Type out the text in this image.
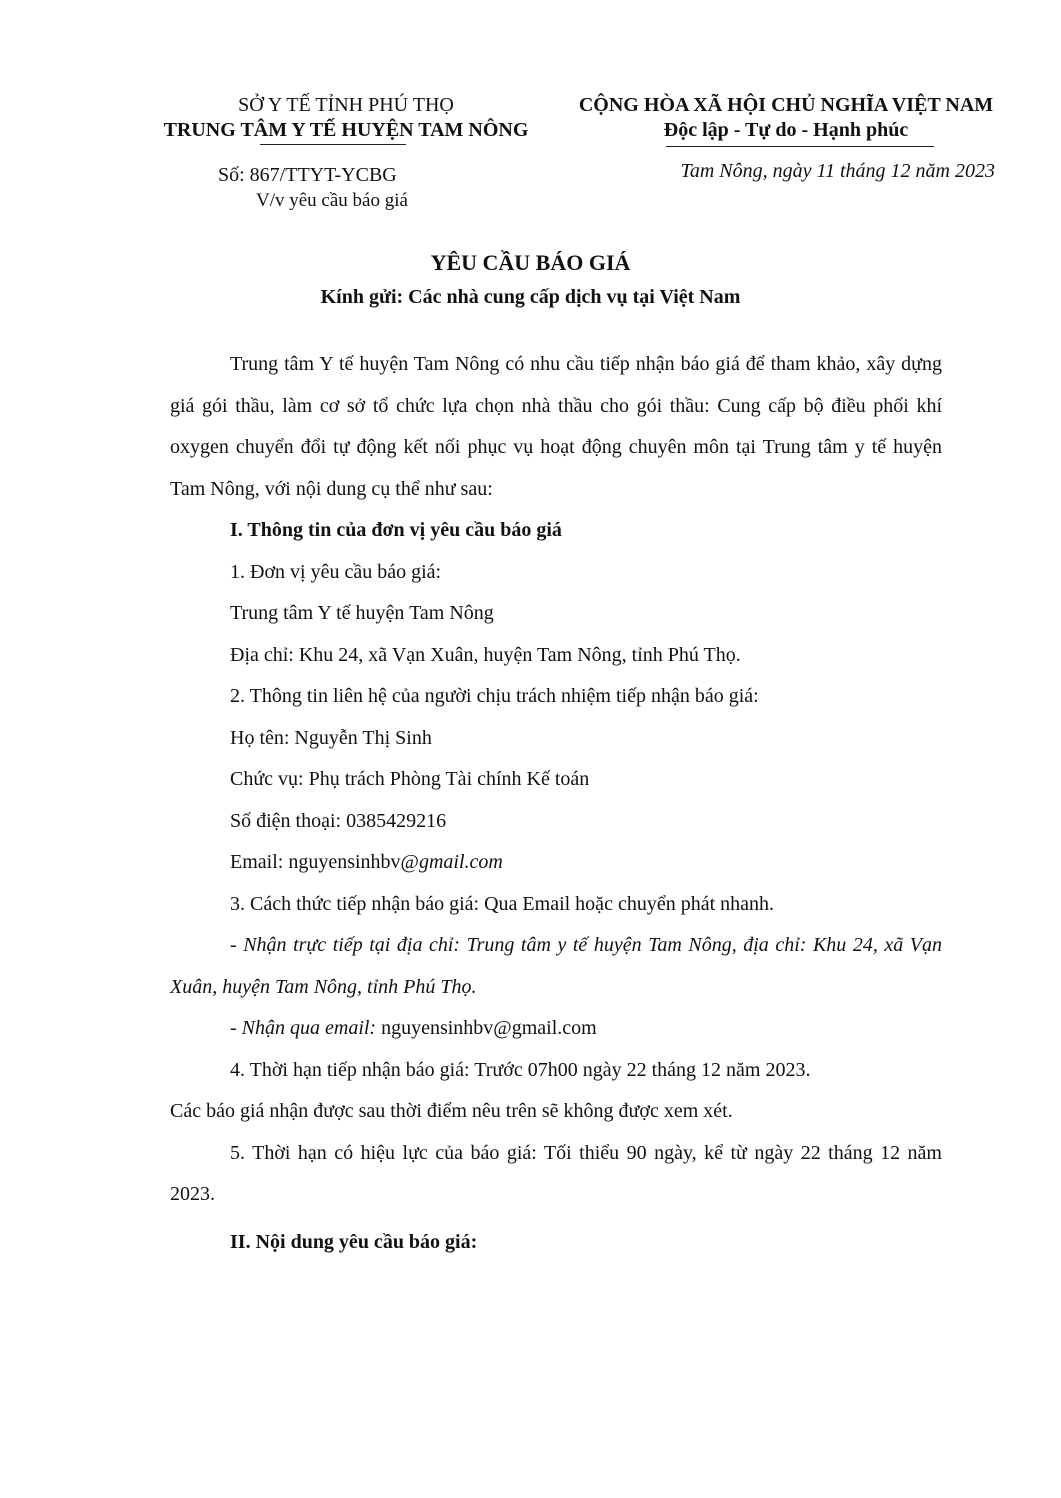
SỞ Y TẾ TỈNH PHÚ THỌ
TRUNG TÂM Y TẾ HUYỆN TAM NÔNG
CỘNG HÒA XÃ HỘI CHỦ NGHĨA VIỆT NAM
Độc lập - Tự do - Hạnh phúc
Số: 867/TTYT-YCBG
V/v yêu cầu báo giá
Tam Nông, ngày 11 tháng 12 năm 2023
YÊU CẦU BÁO GIÁ
Kính gửi: Các nhà cung cấp dịch vụ tại Việt Nam

Trung tâm Y tế huyện Tam Nông có nhu cầu tiếp nhận báo giá để tham khảo, xây dựng giá gói thầu, làm cơ sở tổ chức lựa chọn nhà thầu cho gói thầu: Cung cấp bộ điều phối khí oxygen chuyển đổi tự động kết nối phục vụ hoạt động chuyên môn tại Trung tâm y tế huyện Tam Nông, với nội dung cụ thể như sau:

I. Thông tin của đơn vị yêu cầu báo giá

1. Đơn vị yêu cầu báo giá:

Trung tâm Y tế huyện Tam Nông

Địa chỉ: Khu 24, xã Vạn Xuân, huyện Tam Nông, tỉnh Phú Thọ.

2. Thông tin liên hệ của người chịu trách nhiệm tiếp nhận báo giá:

Họ tên: Nguyễn Thị Sinh

Chức vụ: Phụ trách Phòng Tài chính Kế toán

Số điện thoại: 0385429216

Email: nguyensinhbv@gmail.com

3. Cách thức tiếp nhận báo giá: Qua Email hoặc chuyển phát nhanh.

- Nhận trực tiếp tại địa chỉ: Trung tâm y tế huyện Tam Nông, địa chỉ: Khu 24, xã Vạn Xuân, huyện Tam Nông, tỉnh Phú Thọ.

- Nhận qua email: nguyensinhbv@gmail.com

4. Thời hạn tiếp nhận báo giá: Trước 07h00 ngày 22 tháng 12 năm 2023.

Các báo giá nhận được sau thời điểm nêu trên sẽ không được xem xét.

5. Thời hạn có hiệu lực của báo giá: Tối thiểu 90 ngày, kể từ ngày 22 tháng 12 năm 2023.

II. Nội dung yêu cầu báo giá:
